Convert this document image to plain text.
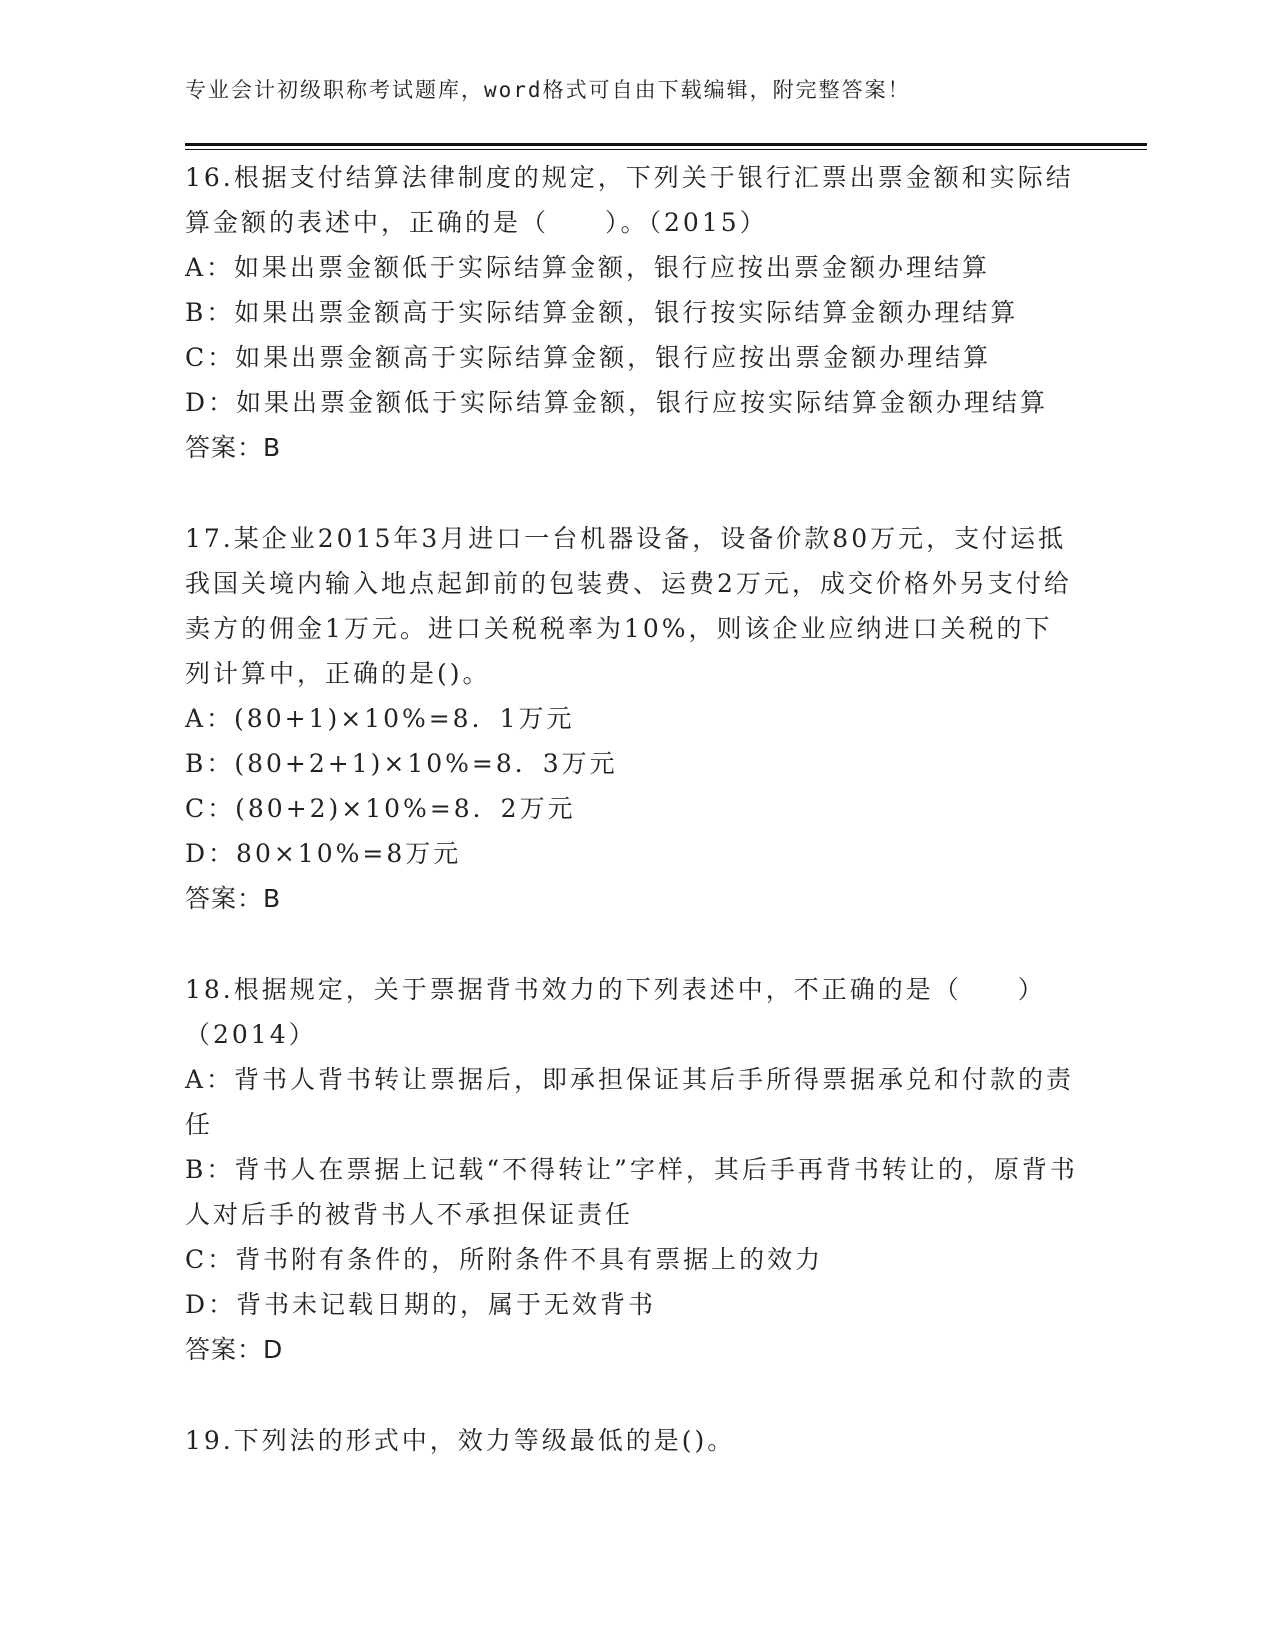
专业会计初级职称考试题库，word格式可自由下载编辑，附完整答案！

16.根据支付结算法律制度的规定，下列关于银行汇票出票金额和实际结算金额的表述中，正确的是（　　）。（2015）

A：如果出票金额低于实际结算金额，银行应按出票金额办理结算

B：如果出票金额高于实际结算金额，银行按实际结算金额办理结算

C：如果出票金额高于实际结算金额，银行应按出票金额办理结算

D：如果出票金额低于实际结算金额，银行应按实际结算金额办理结算

答案：B

17.某企业2015年3月进口一台机器设备，设备价款80万元，支付运抵我国关境内输入地点起卸前的包装费、运费2万元，成交价格外另支付给卖方的佣金1万元。进口关税税率为10%，则该企业应纳进口关税的下列计算中，正确的是()。

A：(80+1)×10%=8．1万元

B：(80+2+1)×10%=8．3万元

C：(80+2)×10%=8．2万元

D：80×10%=8万元

答案：B

18.根据规定，关于票据背书效力的下列表述中，不正确的是（　　）（2014）

A：背书人背书转让票据后，即承担保证其后手所得票据承兑和付款的责任

B：背书人在票据上记载“不得转让”字样，其后手再背书转让的，原背书人对后手的被背书人不承担保证责任

C：背书附有条件的，所附条件不具有票据上的效力

D：背书未记载日期的，属于无效背书

答案：D

19.下列法的形式中，效力等级最低的是()。
